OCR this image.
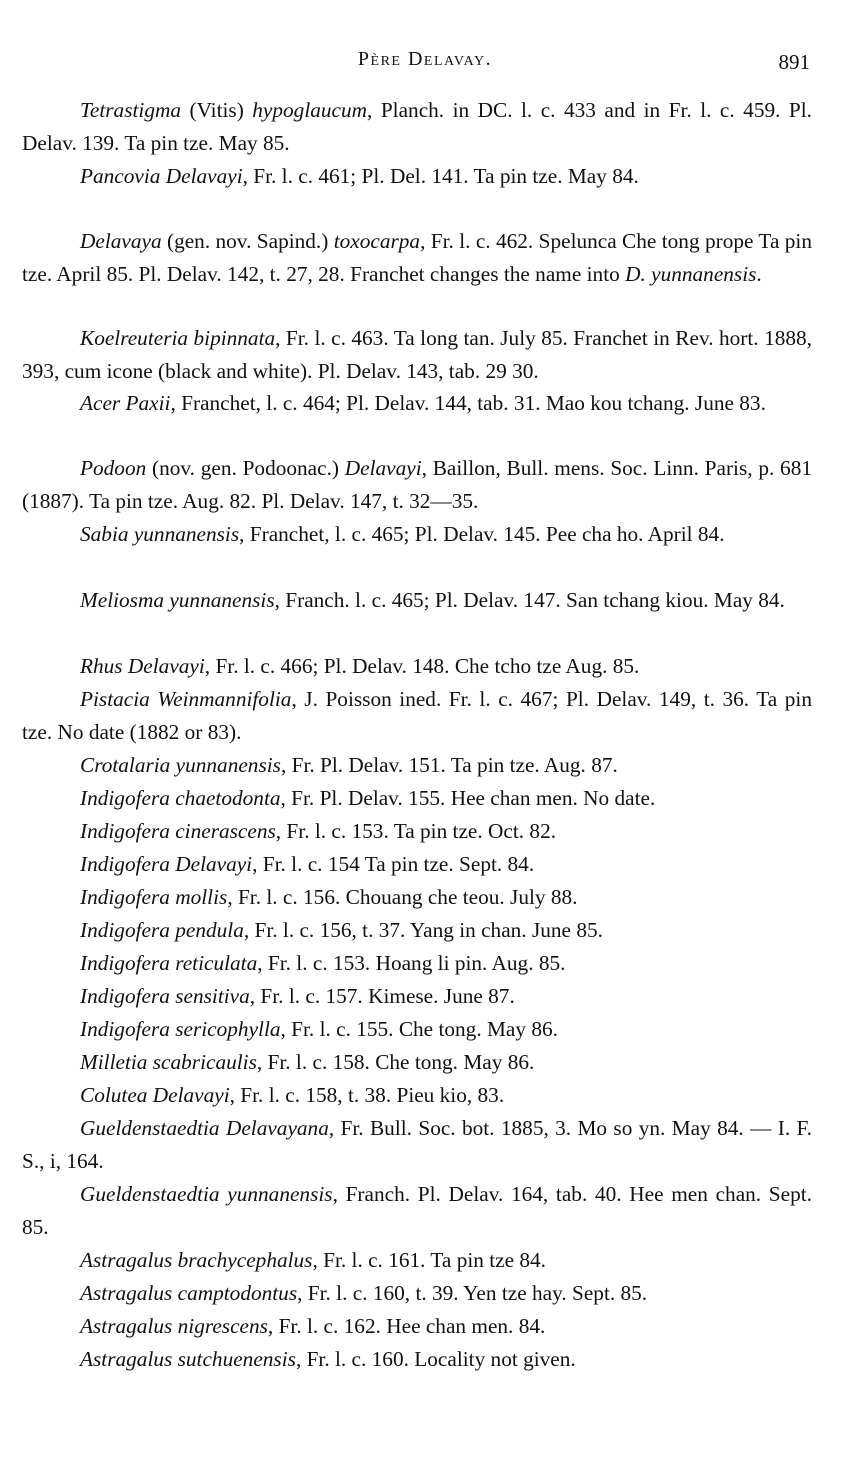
Père Delavay.	891
Tetrastigma (Vitis) hypoglaucum, Planch. in DC. l. c. 433 and in Fr. l. c. 459. Pl. Delav. 139. Ta pin tze. May 85.
Pancovia Delavayi, Fr. l. c. 461; Pl. Del. 141. Ta pin tze. May 84.
Delavaya (gen. nov. Sapind.) toxocarpa, Fr. l. c. 462. Spelunca Che tong prope Ta pin tze. April 85. Pl. Delav. 142, t. 27, 28. Franchet changes the name into D. yunnanensis.
Koelreuteria bipinnata, Fr. l. c. 463. Ta long tan. July 85. Franchet in Rev. hort. 1888, 393, cum icone (black and white). Pl. Delav. 143, tab. 29 30.
Acer Paxii, Franchet, l. c. 464; Pl. Delav. 144, tab. 31. Mao kou tchang. June 83.
Podoon (nov. gen. Podoonac.) Delavayi, Baillon, Bull. mens. Soc. Linn. Paris, p. 681 (1887). Ta pin tze. Aug. 82. Pl. Delav. 147, t. 32—35.
Sabia yunnanensis, Franchet, l. c. 465; Pl. Delav. 145. Pee cha ho. April 84.
Meliosma yunnanensis, Franch. l. c. 465; Pl. Delav. 147. San tchang kiou. May 84.
Rhus Delavayi, Fr. l. c. 466; Pl. Delav. 148. Che tcho tze Aug. 85.
Pistacia Weinmannifolia, J. Poisson ined. Fr. l. c. 467; Pl. Delav. 149, t. 36. Ta pin tze. No date (1882 or 83).
Crotalaria yunnanensis, Fr. Pl. Delav. 151. Ta pin tze. Aug. 87.
Indigofera chaetodonta, Fr. Pl. Delav. 155. Hee chan men. No date.
Indigofera cinerascens, Fr. l. c. 153. Ta pin tze. Oct. 82.
Indigofera Delavayi, Fr. l. c. 154 Ta pin tze. Sept. 84.
Indigofera mollis, Fr. l. c. 156. Chouang che teou. July 88.
Indigofera pendula, Fr. l. c. 156, t. 37. Yang in chan. June 85.
Indigofera reticulata, Fr. l. c. 153. Hoang li pin. Aug. 85.
Indigofera sensitiva, Fr. l. c. 157. Kimese. June 87.
Indigofera sericophylla, Fr. l. c. 155. Che tong. May 86.
Milletia scabricaulis, Fr. l. c. 158. Che tong. May 86.
Colutea Delavayi, Fr. l. c. 158, t. 38. Pieu kio, 83.
Gueldenstaedtia Delavayana, Fr. Bull. Soc. bot. 1885, 3. Mo so yn. May 84. — I. F. S., i, 164.
Gueldenstaedtia yunnanensis, Franch. Pl. Delav. 164, tab. 40. Hee men chan. Sept. 85.
Astragalus brachycephalus, Fr. l. c. 161. Ta pin tze 84.
Astragalus camptodontus, Fr. l. c. 160, t. 39. Yen tze hay. Sept. 85.
Astragalus nigrescens, Fr. l. c. 162. Hee chan men. 84.
Astragalus sutchuenensis, Fr. l. c. 160. Locality not given.
